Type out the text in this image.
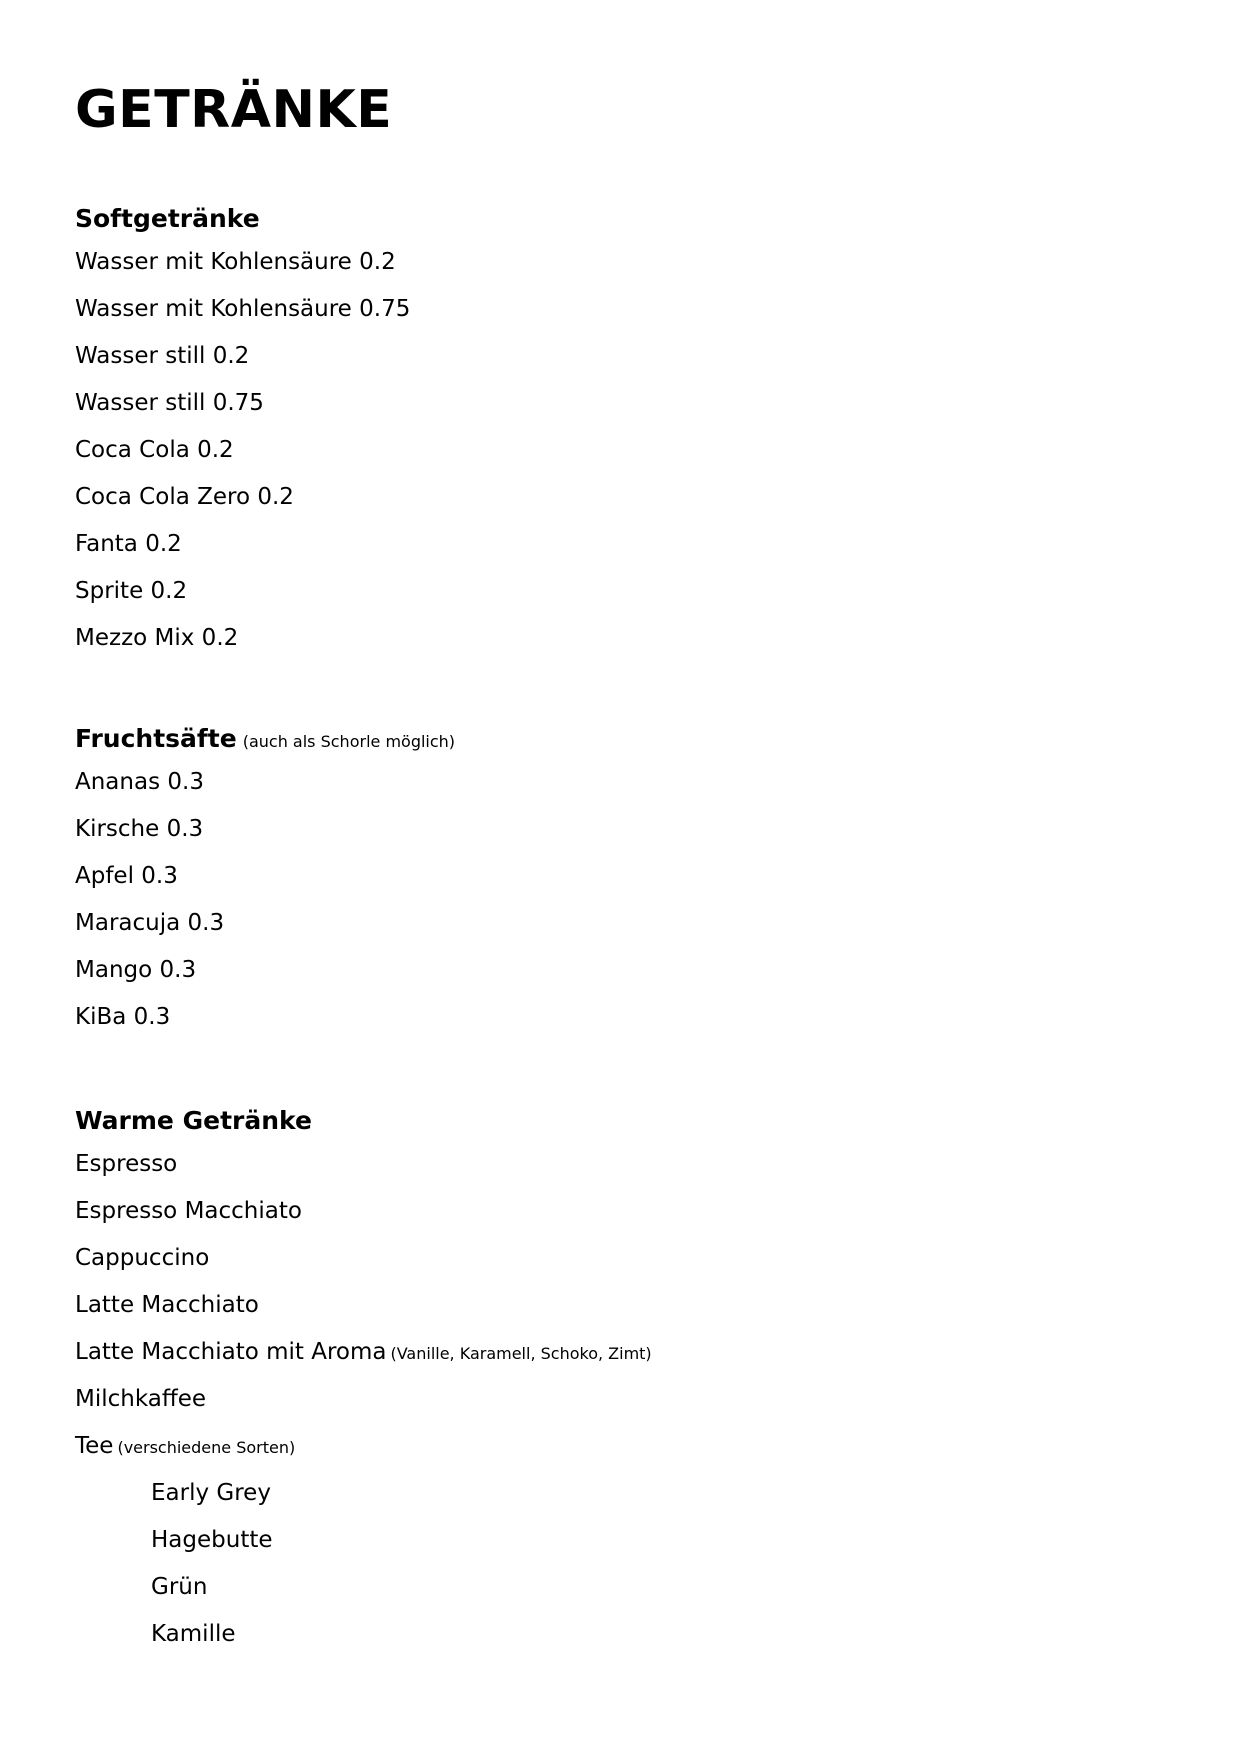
GETRÄNKE
Softgetränke
Wasser mit Kohlensäure 0.2
Wasser mit Kohlensäure 0.75
Wasser still 0.2
Wasser still 0.75
Coca Cola 0.2
Coca Cola Zero 0.2
Fanta 0.2
Sprite 0.2
Mezzo Mix 0.2
Fruchtsäfte (auch als Schorle möglich)
Ananas 0.3
Kirsche 0.3
Apfel 0.3
Maracuja 0.3
Mango 0.3
KiBa 0.3
Warme Getränke
Espresso
Espresso Macchiato
Cappuccino
Latte Macchiato
Latte Macchiato mit Aroma (Vanille, Karamell, Schoko, Zimt)
Milchkaffee
Tee (verschiedene Sorten)
Early Grey
Hagebutte
Grün
Kamille
